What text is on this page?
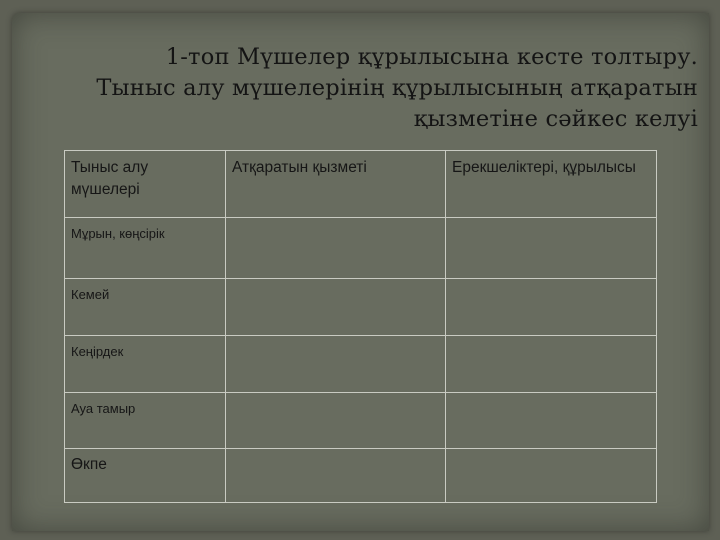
1-топ Мүшелер құрылысына кесте толтыру.
Тыныс алу мүшелерінің құрылысының атқаратын
қызметіне сәйкес келуі
Тыныс алу мүшелері	Атқаратын қызметі	Ерекшеліктері, құрылысы
Мұрын, көңсірік		
Кемей		
Кеңірдек		
Ауа тамыр		
Өкпе		
